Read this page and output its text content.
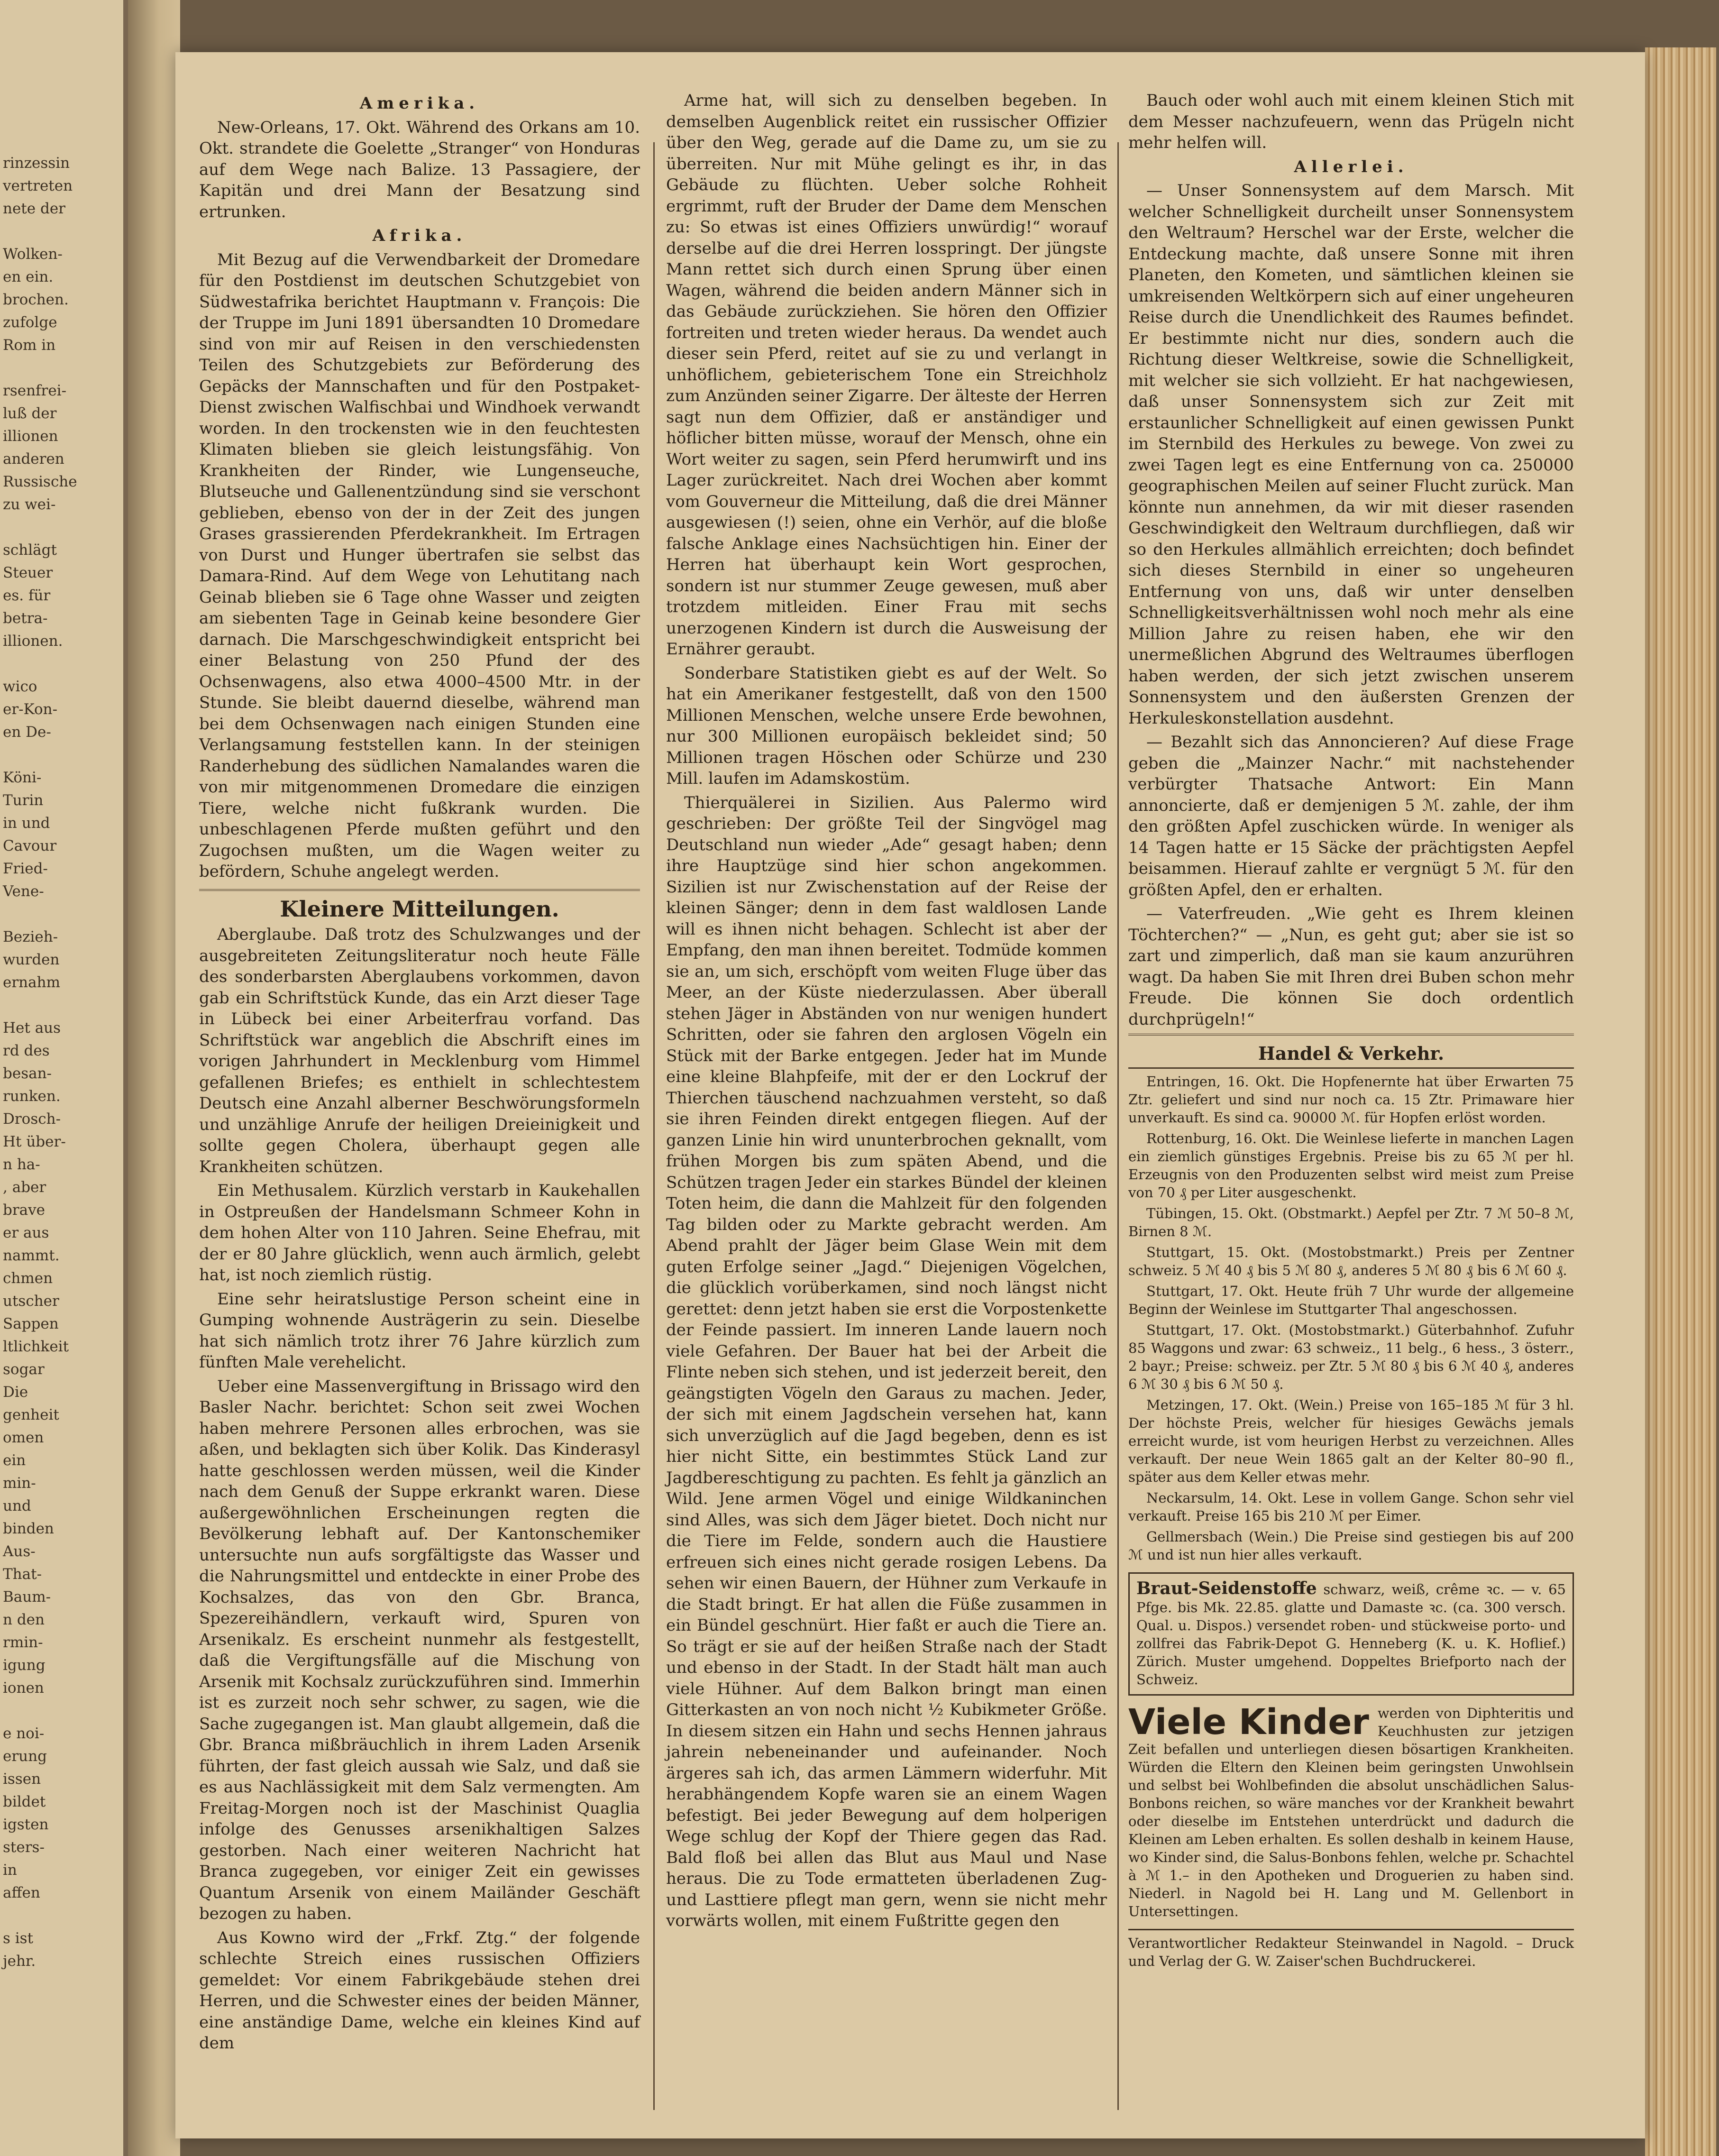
rinzessin
vertreten
nete der

Wolken-
en ein.
brochen.
zufolge
Rom in

rsenfrei-
luß der
illionen
anderen
Russische
zu wei-

schlägt
Steuer
es. für
betra-
illionen.

wico
er-Kon-
en De-

Köni-
Turin
in und
Cavour
Fried-
Vene-

Bezieh-
wurden
ernahm

Het aus
rd des
besan-
runken.
Drosch-
Ht über-
n ha-
, aber
brave
er aus
nammt.
chmen
utscher
Sappen
ltlichkeit
sogar
Die
genheit
omen
ein
min-
und
binden
Aus-
That-
Baum-
n den
rmin-
igung
ionen

e noi-
erung
issen
bildet
igsten
sters-
in
affen

s ist
jehr.
Amerika.

New-Orleans, 17. Okt. Während des Orkans am 10. Okt. strandete die Goelette „Stranger“ von Honduras auf dem Wege nach Balize. 13 Passagiere, der Kapitän und drei Mann der Besatzung sind ertrunken.

Afrika.

Mit Bezug auf die Verwendbarkeit der Dromedare für den Postdienst im deutschen Schutzgebiet von Südwestafrika berichtet Hauptmann v. François: Die der Truppe im Juni 1891 übersandten 10 Dromedare sind von mir auf Reisen in den verschiedensten Teilen des Schutzgebiets zur Beförderung des Gepäcks der Mannschaften und für den Postpaket-Dienst zwischen Walfischbai und Windhoek verwandt worden. In den trockensten wie in den feuchtesten Klimaten blieben sie gleich leistungsfähig. Von Krankheiten der Rinder, wie Lungenseuche, Blutseuche und Gallenentzündung sind sie verschont geblieben, ebenso von der in der Zeit des jungen Grases grassierenden Pferdekrankheit. Im Ertragen von Durst und Hunger übertrafen sie selbst das Damara-Rind. Auf dem Wege von Lehutitang nach Geinab blieben sie 6 Tage ohne Wasser und zeigten am siebenten Tage in Geinab keine besondere Gier darnach. Die Marschgeschwindigkeit entspricht bei einer Belastung von 250 Pfund der des Ochsenwagens, also etwa 4000–4500 Mtr. in der Stunde. Sie bleibt dauernd dieselbe, während man bei dem Ochsenwagen nach einigen Stunden eine Verlangsamung feststellen kann. In der steinigen Randerhebung des südlichen Namalandes waren die von mir mitgenommenen Dromedare die einzigen Tiere, welche nicht fußkrank wurden. Die unbeschlagenen Pferde mußten geführt und den Zugochsen mußten, um die Wagen weiter zu befördern, Schuhe angelegt werden.

Kleinere Mitteilungen.

Aberglaube. Daß trotz des Schulzwanges und der ausgebreiteten Zeitungsliteratur noch heute Fälle des sonderbarsten Aberglaubens vorkommen, davon gab ein Schriftstück Kunde, das ein Arzt dieser Tage in Lübeck bei einer Arbeiterfrau vorfand. Das Schriftstück war angeblich die Abschrift eines im vorigen Jahrhundert in Mecklenburg vom Himmel gefallenen Briefes; es enthielt in schlechtestem Deutsch eine Anzahl alberner Beschwörungsformeln und unzählige Anrufe der heiligen Dreieinigkeit und sollte gegen Cholera, überhaupt gegen alle Krankheiten schützen.

Ein Methusalem. Kürzlich verstarb in Kaukehallen in Ostpreußen der Handelsmann Schmeer Kohn in dem hohen Alter von 110 Jahren. Seine Ehefrau, mit der er 80 Jahre glücklich, wenn auch ärmlich, gelebt hat, ist noch ziemlich rüstig.

Eine sehr heiratslustige Person scheint eine in Gumping wohnende Austrägerin zu sein. Dieselbe hat sich nämlich trotz ihrer 76 Jahre kürzlich zum fünften Male verehelicht.

Ueber eine Massenvergiftung in Brissago wird den Basler Nachr. berichtet: Schon seit zwei Wochen haben mehrere Personen alles erbrochen, was sie aßen, und beklagten sich über Kolik. Das Kinderasyl hatte geschlossen werden müssen, weil die Kinder nach dem Genuß der Suppe erkrankt waren. Diese außergewöhnlichen Erscheinungen regten die Bevölkerung lebhaft auf. Der Kantonschemiker untersuchte nun aufs sorgfältigste das Wasser und die Nahrungsmittel und entdeckte in einer Probe des Kochsalzes, das von den Gbr. Branca, Spezereihändlern, verkauft wird, Spuren von Arsenikalz. Es erscheint nunmehr als festgestellt, daß die Vergiftungsfälle auf die Mischung von Arsenik mit Kochsalz zurückzuführen sind. Immerhin ist es zurzeit noch sehr schwer, zu sagen, wie die Sache zugegangen ist. Man glaubt allgemein, daß die Gbr. Branca mißbräuchlich in ihrem Laden Arsenik führten, der fast gleich aussah wie Salz, und daß sie es aus Nachlässigkeit mit dem Salz vermengten. Am Freitag-Morgen noch ist der Maschinist Quaglia infolge des Genusses arsenikhaltigen Salzes gestorben. Nach einer weiteren Nachricht hat Branca zugegeben, vor einiger Zeit ein gewisses Quantum Arsenik von einem Mailänder Geschäft bezogen zu haben.

Aus Kowno wird der „Frkf. Ztg.“ der folgende schlechte Streich eines russischen Offiziers gemeldet: Vor einem Fabrikgebäude stehen drei Herren, und die Schwester eines der beiden Männer, eine anständige Dame, welche ein kleines Kind auf dem

Arme hat, will sich zu denselben begeben. In demselben Augenblick reitet ein russischer Offizier über den Weg, gerade auf die Dame zu, um sie zu überreiten. Nur mit Mühe gelingt es ihr, in das Gebäude zu flüchten. Ueber solche Rohheit ergrimmt, ruft der Bruder der Dame dem Menschen zu: So etwas ist eines Offiziers unwürdig!“ worauf derselbe auf die drei Herren losspringt. Der jüngste Mann rettet sich durch einen Sprung über einen Wagen, während die beiden andern Männer sich in das Gebäude zurückziehen. Sie hören den Offizier fortreiten und treten wieder heraus. Da wendet auch dieser sein Pferd, reitet auf sie zu und verlangt in unhöflichem, gebieterischem Tone ein Streichholz zum Anzünden seiner Zigarre. Der älteste der Herren sagt nun dem Offizier, daß er anständiger und höflicher bitten müsse, worauf der Mensch, ohne ein Wort weiter zu sagen, sein Pferd herumwirft und ins Lager zurückreitet. Nach drei Wochen aber kommt vom Gouverneur die Mitteilung, daß die drei Männer ausgewiesen (!) seien, ohne ein Verhör, auf die bloße falsche Anklage eines Nachsüchtigen hin. Einer der Herren hat überhaupt kein Wort gesprochen, sondern ist nur stummer Zeuge gewesen, muß aber trotzdem mitleiden. Einer Frau mit sechs unerzogenen Kindern ist durch die Ausweisung der Ernährer geraubt.

Sonderbare Statistiken giebt es auf der Welt. So hat ein Amerikaner festgestellt, daß von den 1500 Millionen Menschen, welche unsere Erde bewohnen, nur 300 Millionen europäisch bekleidet sind; 50 Millionen tragen Höschen oder Schürze und 230 Mill. laufen im Adamskostüm.

Thierquälerei in Sizilien. Aus Palermo wird geschrieben: Der größte Teil der Singvögel mag Deutschland nun wieder „Ade“ gesagt haben; denn ihre Hauptzüge sind hier schon angekommen. Sizilien ist nur Zwischenstation auf der Reise der kleinen Sänger; denn in dem fast waldlosen Lande will es ihnen nicht behagen. Schlecht ist aber der Empfang, den man ihnen bereitet. Todmüde kommen sie an, um sich, erschöpft vom weiten Fluge über das Meer, an der Küste niederzulassen. Aber überall stehen Jäger in Abständen von nur wenigen hundert Schritten, oder sie fahren den arglosen Vögeln ein Stück mit der Barke entgegen. Jeder hat im Munde eine kleine Blahpfeife, mit der er den Lockruf der Thierchen täuschend nachzuahmen versteht, so daß sie ihren Feinden direkt entgegen fliegen. Auf der ganzen Linie hin wird ununterbrochen geknallt, vom frühen Morgen bis zum späten Abend, und die Schützen tragen Jeder ein starkes Bündel der kleinen Toten heim, die dann die Mahlzeit für den folgenden Tag bilden oder zu Markte gebracht werden. Am Abend prahlt der Jäger beim Glase Wein mit dem guten Erfolge seiner „Jagd.“ Diejenigen Vögelchen, die glücklich vorüberkamen, sind noch längst nicht gerettet: denn jetzt haben sie erst die Vorpostenkette der Feinde passiert. Im inneren Lande lauern noch viele Gefahren. Der Bauer hat bei der Arbeit die Flinte neben sich stehen, und ist jederzeit bereit, den geängstigten Vögeln den Garaus zu machen. Jeder, der sich mit einem Jagdschein versehen hat, kann sich unverzüglich auf die Jagd begeben, denn es ist hier nicht Sitte, ein bestimmtes Stück Land zur Jagdbereschtigung zu pachten. Es fehlt ja gänzlich an Wild. Jene armen Vögel und einige Wildkaninchen sind Alles, was sich dem Jäger bietet. Doch nicht nur die Tiere im Felde, sondern auch die Haustiere erfreuen sich eines nicht gerade rosigen Lebens. Da sehen wir einen Bauern, der Hühner zum Verkaufe in die Stadt bringt. Er hat allen die Füße zusammen in ein Bündel geschnürt. Hier faßt er auch die Tiere an. So trägt er sie auf der heißen Straße nach der Stadt und ebenso in der Stadt. In der Stadt hält man auch viele Hühner. Auf dem Balkon bringt man einen Gitterkasten an von noch nicht ½ Kubikmeter Größe. In diesem sitzen ein Hahn und sechs Hennen jahraus jahrein nebeneinander und aufeinander. Noch ärgeres sah ich, das armen Lämmern widerfuhr. Mit herabhängendem Kopfe waren sie an einem Wagen befestigt. Bei jeder Bewegung auf dem holperigen Wege schlug der Kopf der Thiere gegen das Rad. Bald floß bei allen das Blut aus Maul und Nase heraus. Die zu Tode ermatteten überladenen Zug- und Lasttiere pflegt man gern, wenn sie nicht mehr vorwärts wollen, mit einem Fußtritte gegen den

Bauch oder wohl auch mit einem kleinen Stich mit dem Messer nachzufeuern, wenn das Prügeln nicht mehr helfen will.

Allerlei.

— Unser Sonnensystem auf dem Marsch. Mit welcher Schnelligkeit durcheilt unser Sonnensystem den Weltraum? Herschel war der Erste, welcher die Entdeckung machte, daß unsere Sonne mit ihren Planeten, den Kometen, und sämtlichen kleinen sie umkreisenden Weltkörpern sich auf einer ungeheuren Reise durch die Unendlichkeit des Raumes befindet. Er bestimmte nicht nur dies, sondern auch die Richtung dieser Weltkreise, sowie die Schnelligkeit, mit welcher sie sich vollzieht. Er hat nachgewiesen, daß unser Sonnensystem sich zur Zeit mit erstaunlicher Schnelligkeit auf einen gewissen Punkt im Sternbild des Herkules zu bewege. Von zwei zu zwei Tagen legt es eine Entfernung von ca. 250000 geographischen Meilen auf seiner Flucht zurück. Man könnte nun annehmen, da wir mit dieser rasenden Geschwindigkeit den Weltraum durchfliegen, daß wir so den Herkules allmählich erreichten; doch befindet sich dieses Sternbild in einer so ungeheuren Entfernung von uns, daß wir unter denselben Schnelligkeitsverhältnissen wohl noch mehr als eine Million Jahre zu reisen haben, ehe wir den unermeßlichen Abgrund des Weltraumes überflogen haben werden, der sich jetzt zwischen unserem Sonnensystem und den äußersten Grenzen der Herkuleskonstellation ausdehnt.

— Bezahlt sich das Annoncieren? Auf diese Frage geben die „Mainzer Nachr.“ mit nachstehender verbürgter Thatsache Antwort: Ein Mann annoncierte, daß er demjenigen 5 ℳ. zahle, der ihm den größten Apfel zuschicken würde. In weniger als 14 Tagen hatte er 15 Säcke der prächtigsten Aepfel beisammen. Hierauf zahlte er vergnügt 5 ℳ. für den größten Apfel, den er erhalten.

— Vaterfreuden. „Wie geht es Ihrem kleinen Töchterchen?“ — „Nun, es geht gut; aber sie ist so zart und zimperlich, daß man sie kaum anzurühren wagt. Da haben Sie mit Ihren drei Buben schon mehr Freude. Die können Sie doch ordentlich durchprügeln!“

Handel & Verkehr.

Entringen, 16. Okt. Die Hopfenernte hat über Erwarten 75 Ztr. geliefert und sind nur noch ca. 15 Ztr. Primaware hier unverkauft. Es sind ca. 90000 ℳ. für Hopfen erlöst worden.

Rottenburg, 16. Okt. Die Weinlese lieferte in manchen Lagen ein ziemlich günstiges Ergebnis. Preise bis zu 65 ℳ per hl. Erzeugnis von den Produzenten selbst wird meist zum Preise von 70 ₰ per Liter ausgeschenkt.

Tübingen, 15. Okt. (Obstmarkt.) Aepfel per Ztr. 7 ℳ 50–8 ℳ, Birnen 8 ℳ.

Stuttgart, 15. Okt. (Mostobstmarkt.) Preis per Zentner schweiz. 5 ℳ 40 ₰ bis 5 ℳ 80 ₰, anderes 5 ℳ 80 ₰ bis 6 ℳ 60 ₰.

Stuttgart, 17. Okt. Heute früh 7 Uhr wurde der allgemeine Beginn der Weinlese im Stuttgarter Thal angeschossen.

Stuttgart, 17. Okt. (Mostobstmarkt.) Güterbahnhof. Zufuhr 85 Waggons und zwar: 63 schweiz., 11 belg., 6 hess., 3 österr., 2 bayr.; Preise: schweiz. per Ztr. 5 ℳ 80 ₰ bis 6 ℳ 40 ₰, anderes 6 ℳ 30 ₰ bis 6 ℳ 50 ₰.

Metzingen, 17. Okt. (Wein.) Preise von 165–185 ℳ für 3 hl. Der höchste Preis, welcher für hiesiges Gewächs jemals erreicht wurde, ist vom heurigen Herbst zu verzeichnen. Alles verkauft. Der neue Wein 1865 galt an der Kelter 80–90 fl., später aus dem Keller etwas mehr.

Neckarsulm, 14. Okt. Lese in vollem Gange. Schon sehr viel verkauft. Preise 165 bis 210 ℳ per Eimer.

Gellmersbach (Wein.) Die Preise sind gestiegen bis auf 200 ℳ und ist nun hier alles verkauft.

Braut-Seidenstoffe schwarz, weiß, crême ꝛc. — v. 65 Pfge. bis Mk. 22.85. glatte und Damaste ꝛc. (ca. 300 versch. Qual. u. Dispos.) versendet roben- und stückweise porto- und zollfrei das Fabrik-Depot G. Henneberg (K. u. K. Hoflief.) Zürich. Muster umgehend. Doppeltes Briefporto nach der Schweiz.
Viele Kinder werden von Diphteritis und Keuchhusten zur jetzigen Zeit befallen und unterliegen diesen bösartigen Krankheiten. Würden die Eltern den Kleinen beim geringsten Unwohlsein und selbst bei Wohlbefinden die absolut unschädlichen Salus-Bonbons reichen, so wäre manches vor der Krankheit bewahrt oder dieselbe im Entstehen unterdrückt und dadurch die Kleinen am Leben erhalten. Es sollen deshalb in keinem Hause, wo Kinder sind, die Salus-Bonbons fehlen, welche pr. Schachtel à ℳ 1.– in den Apotheken und Droguerien zu haben sind. Niederl. in Nagold bei H. Lang und M. Gellenbort in Untersettingen.
Verantwortlicher Redakteur Steinwandel in Nagold. – Druck und Verlag der G. W. Zaiser'schen Buchdruckerei.
